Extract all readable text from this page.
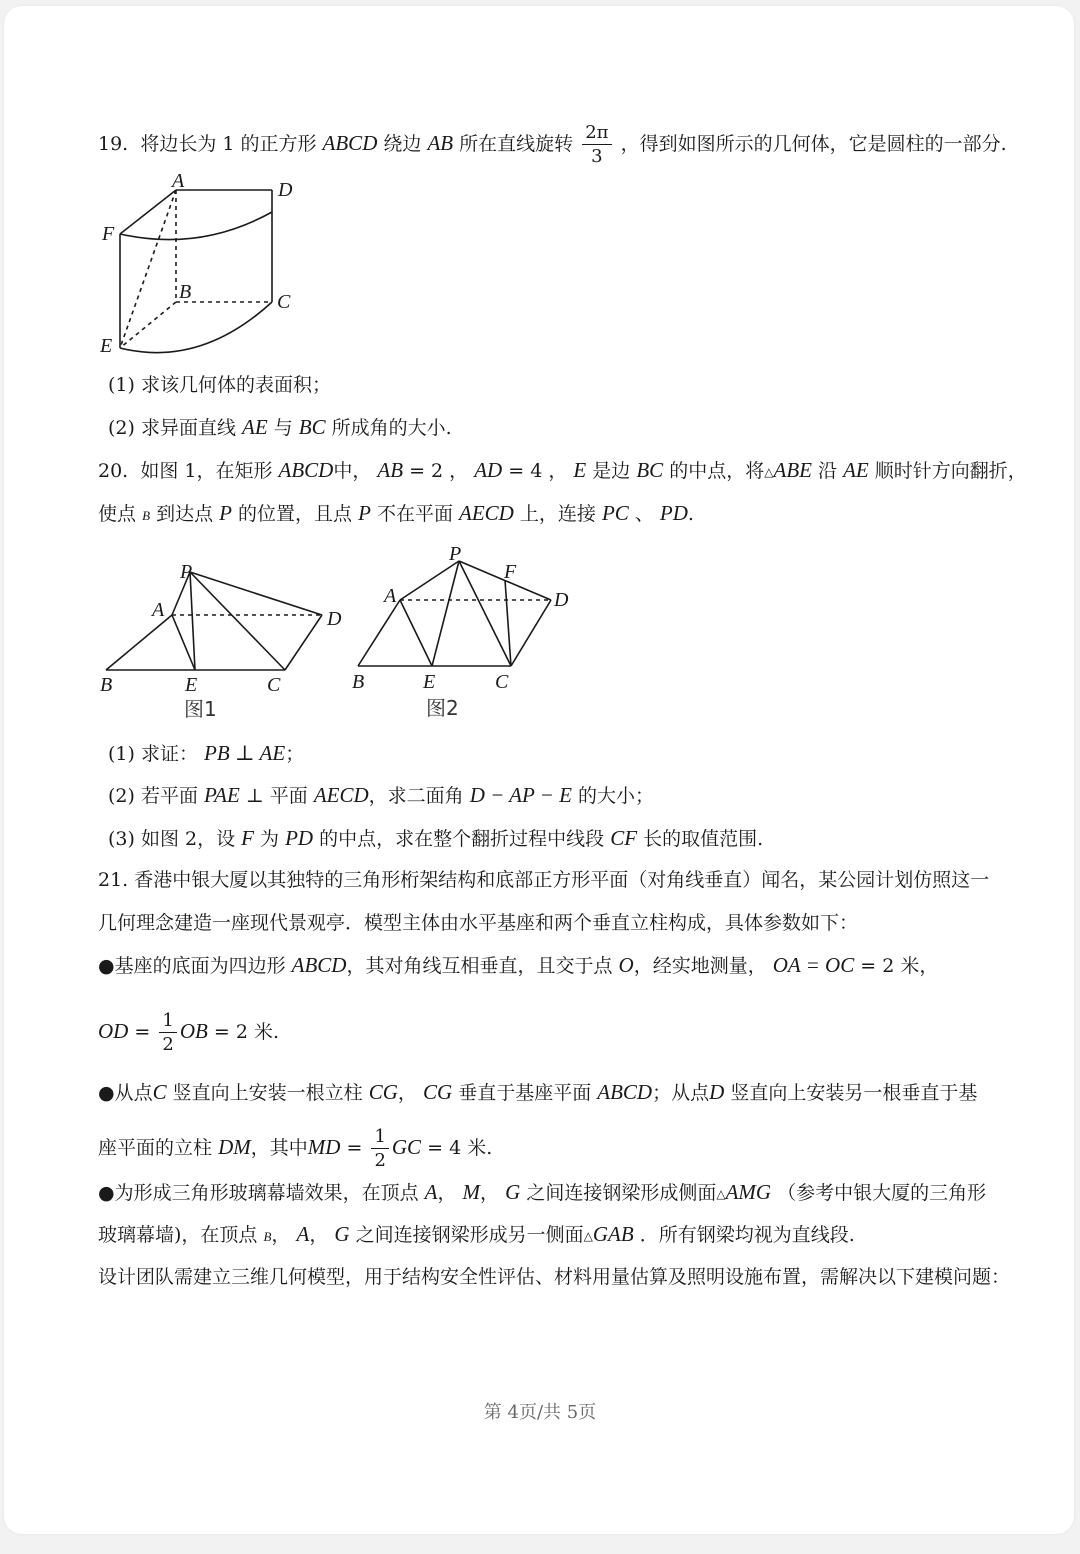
19. 将边长为 1 的正方形 ABCD 绕边 AB 所在直线旋转 $\frac{2\pi}{3}$ ，得到如图所示的几何体，它是圆柱的一部分.
A	D
F
B	C
E
(1) 求该几何体的表面积；
(2) 求异面直线 AE 与 BC 所成角的大小.
20. 如图 1，在矩形 ABCD中， AB = 2 ， AD = 4 ， E 是边 BC 的中点，将△ABE 沿 AE 顺时针方向翻折，
使点 B 到达点 P 的位置，且点 P 不在平面 AECD 上，连接 PC 、 PD.
P
A	D
B	E	C
图1
P
F
A	D
B	E	C
图2
(1) 求证： PB ⊥ AE；
(2) 若平面 PAE ⊥ 平面 AECD，求二面角 D − AP − E 的大小；
(3) 如图 2，设 F 为 PD 的中点，求在整个翻折过程中线段 CF 长的取值范围.
21. 香港中银大厦以其独特的三角形桁架结构和底部正方形平面（对角线垂直）闻名，某公园计划仿照这一
几何理念建造一座现代景观亭．模型主体由水平基座和两个垂直立柱构成，具体参数如下：
●基座的底面为四边形 ABCD，其对角线互相垂直，且交于点 O，经实地测量， OA = OC = 2 米，
OD = $\frac{1}{2}$ OB = 2 米.
●从点C 竖直向上安装一根立柱 CG， CG 垂直于基座平面 ABCD；从点D 竖直向上安装另一根垂直于基
座平面的立柱 DM，其中MD = $\frac{1}{2}$ GC = 4 米.
●为形成三角形玻璃幕墙效果，在顶点 A， M， G 之间连接钢梁形成侧面△AMG （参考中银大厦的三角形
玻璃幕墙)，在顶点 B， A， G 之间连接钢梁形成另一侧面△GAB ．所有钢梁均视为直线段.
设计团队需建立三维几何模型，用于结构安全性评估、材料用量估算及照明设施布置，需解决以下建模问题：
第 4页/共 5页
